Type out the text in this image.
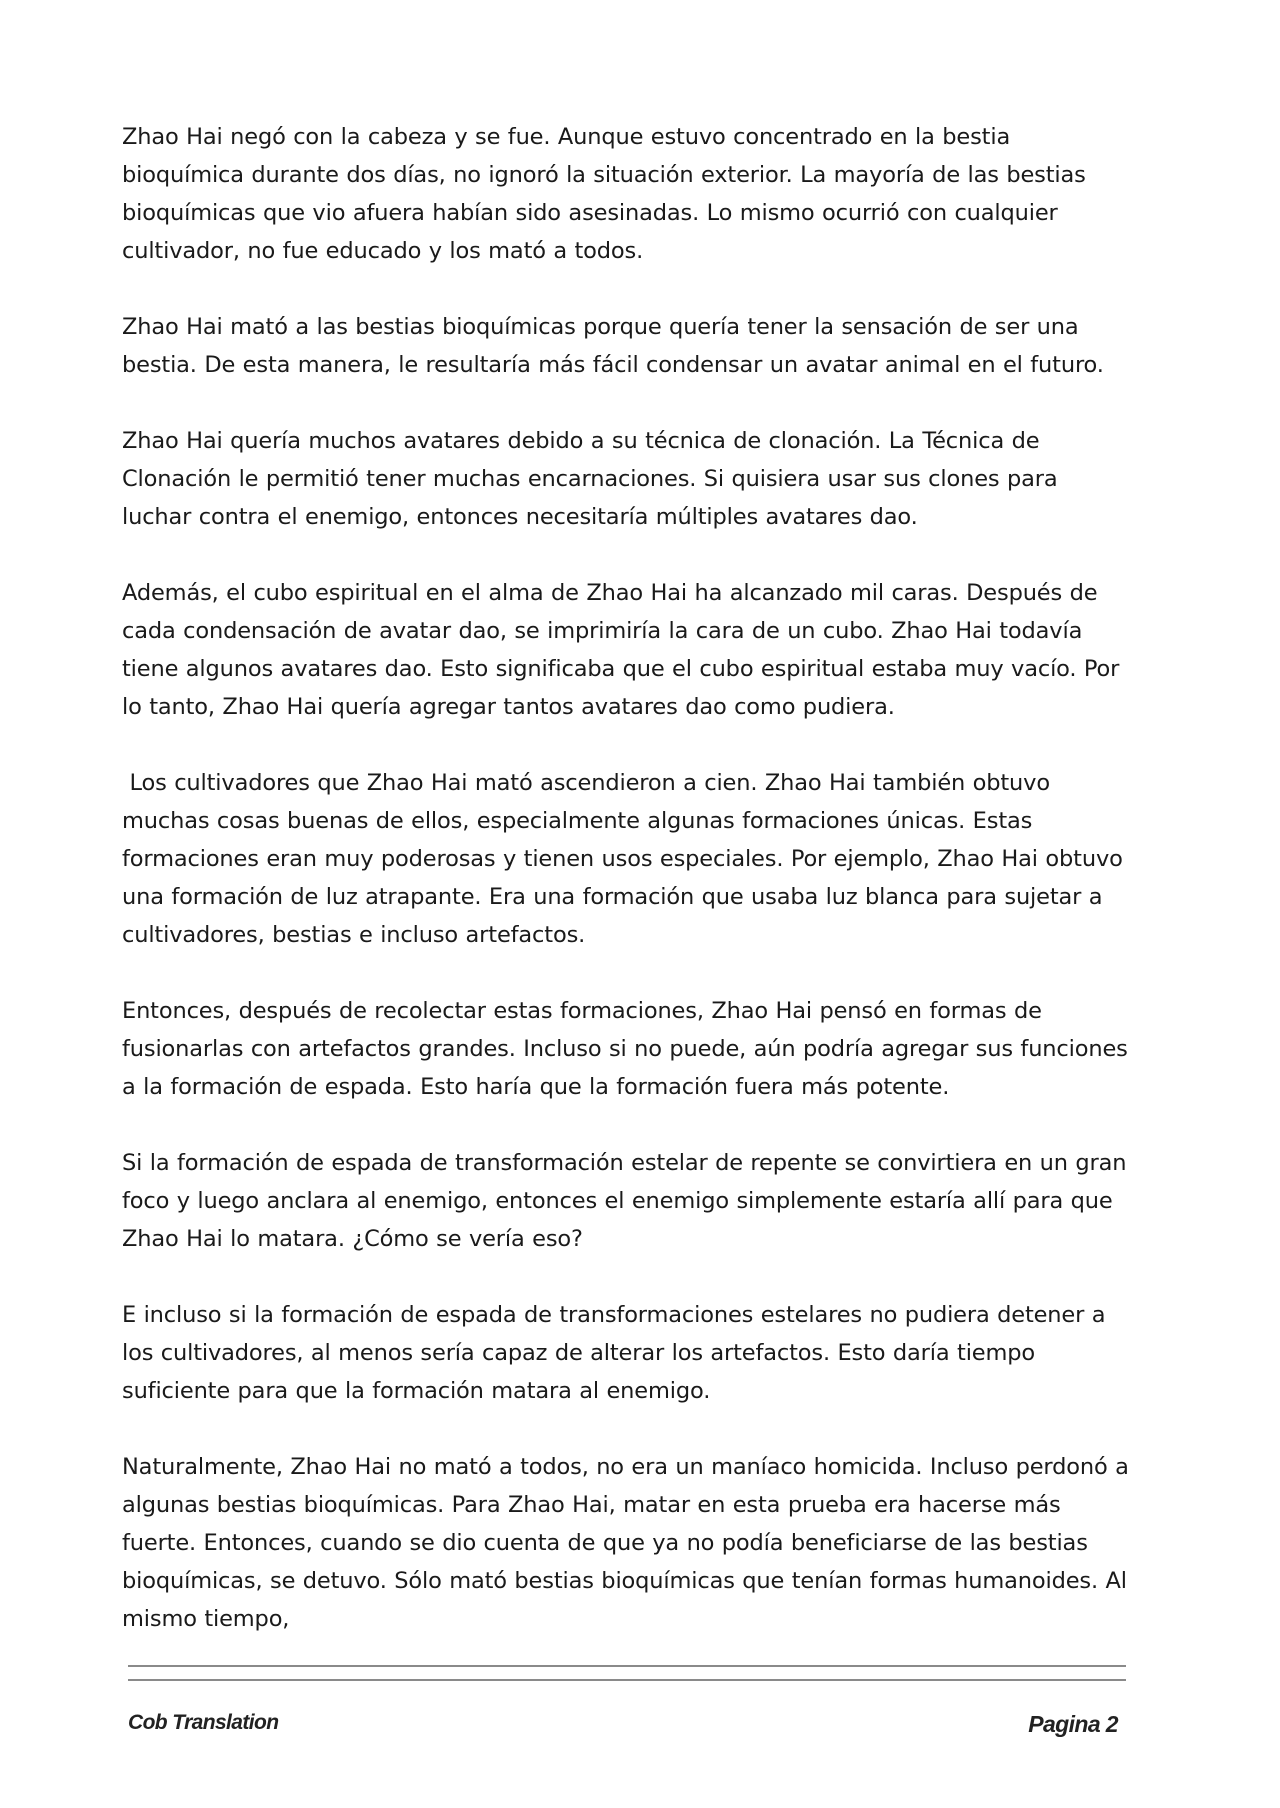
Zhao Hai negó con la cabeza y se fue. Aunque estuvo concentrado en la bestia bioquímica durante dos días, no ignoró la situación exterior. La mayoría de las bestias bioquímicas que vio afuera habían sido asesinadas. Lo mismo ocurrió con cualquier cultivador, no fue educado y los mató a todos.

Zhao Hai mató a las bestias bioquímicas porque quería tener la sensación de ser una bestia. De esta manera, le resultaría más fácil condensar un avatar animal en el futuro.

Zhao Hai quería muchos avatares debido a su técnica de clonación. La Técnica de Clonación le permitió tener muchas encarnaciones. Si quisiera usar sus clones para luchar contra el enemigo, entonces necesitaría múltiples avatares dao.

Además, el cubo espiritual en el alma de Zhao Hai ha alcanzado mil caras. Después de cada condensación de avatar dao, se imprimiría la cara de un cubo. Zhao Hai todavía tiene algunos avatares dao. Esto significaba que el cubo espiritual estaba muy vacío. Por lo tanto, Zhao Hai quería agregar tantos avatares dao como pudiera.

Los cultivadores que Zhao Hai mató ascendieron a cien. Zhao Hai también obtuvo muchas cosas buenas de ellos, especialmente algunas formaciones únicas. Estas formaciones eran muy poderosas y tienen usos especiales. Por ejemplo, Zhao Hai obtuvo una formación de luz atrapante. Era una formación que usaba luz blanca para sujetar a cultivadores, bestias e incluso artefactos.

Entonces, después de recolectar estas formaciones, Zhao Hai pensó en formas de fusionarlas con artefactos grandes. Incluso si no puede, aún podría agregar sus funciones a la formación de espada. Esto haría que la formación fuera más potente.

Si la formación de espada de transformación estelar de repente se convirtiera en un gran foco y luego anclara al enemigo, entonces el enemigo simplemente estaría allí para que Zhao Hai lo matara. ¿Cómo se vería eso?

E incluso si la formación de espada de transformaciones estelares no pudiera detener a los cultivadores, al menos sería capaz de alterar los artefactos. Esto daría tiempo suficiente para que la formación matara al enemigo.

Naturalmente, Zhao Hai no mató a todos, no era un maníaco homicida. Incluso perdonó a algunas bestias bioquímicas. Para Zhao Hai, matar en esta prueba era hacerse más fuerte. Entonces, cuando se dio cuenta de que ya no podía beneficiarse de las bestias bioquímicas, se detuvo. Sólo mató bestias bioquímicas que tenían formas humanoides. Al mismo tiempo,

Cob Translation	Pagina 2
